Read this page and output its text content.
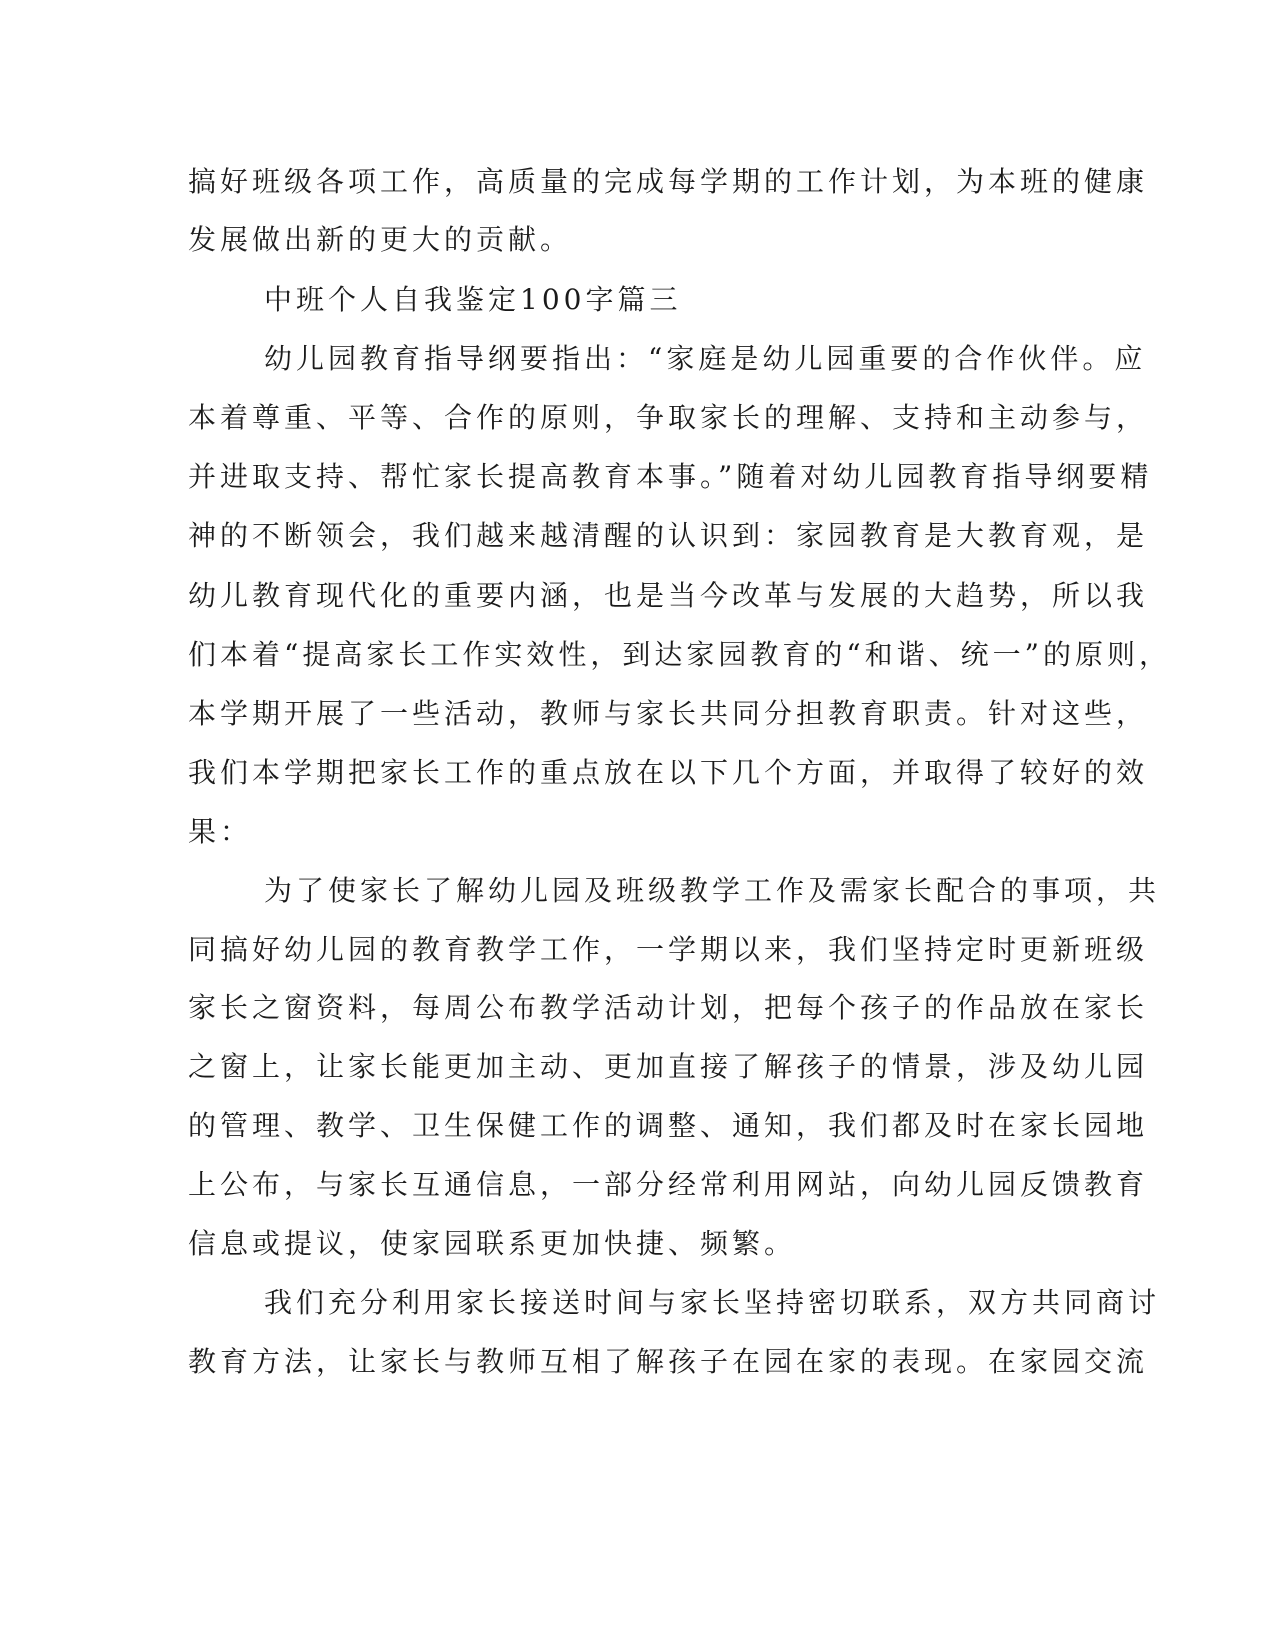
搞好班级各项工作，高质量的完成每学期的工作计划，为本班的健康
发展做出新的更大的贡献。
中班个人自我鉴定100字篇三
幼儿园教育指导纲要指出：“家庭是幼儿园重要的合作伙伴。应
本着尊重、平等、合作的原则，争取家长的理解、支持和主动参与，
并进取支持、帮忙家长提高教育本事。”随着对幼儿园教育指导纲要精
神的不断领会，我们越来越清醒的认识到：家园教育是大教育观，是
幼儿教育现代化的重要内涵，也是当今改革与发展的大趋势，所以我
们本着“提高家长工作实效性，到达家园教育的“和谐、统一”的原则，
本学期开展了一些活动，教师与家长共同分担教育职责。针对这些，
我们本学期把家长工作的重点放在以下几个方面，并取得了较好的效
果：
为了使家长了解幼儿园及班级教学工作及需家长配合的事项，共
同搞好幼儿园的教育教学工作，一学期以来，我们坚持定时更新班级
家长之窗资料，每周公布教学活动计划，把每个孩子的作品放在家长
之窗上，让家长能更加主动、更加直接了解孩子的情景，涉及幼儿园
的管理、教学、卫生保健工作的调整、通知，我们都及时在家长园地
上公布，与家长互通信息，一部分经常利用网站，向幼儿园反馈教育
信息或提议，使家园联系更加快捷、频繁。
我们充分利用家长接送时间与家长坚持密切联系，双方共同商讨
教育方法，让家长与教师互相了解孩子在园在家的表现。在家园交流
